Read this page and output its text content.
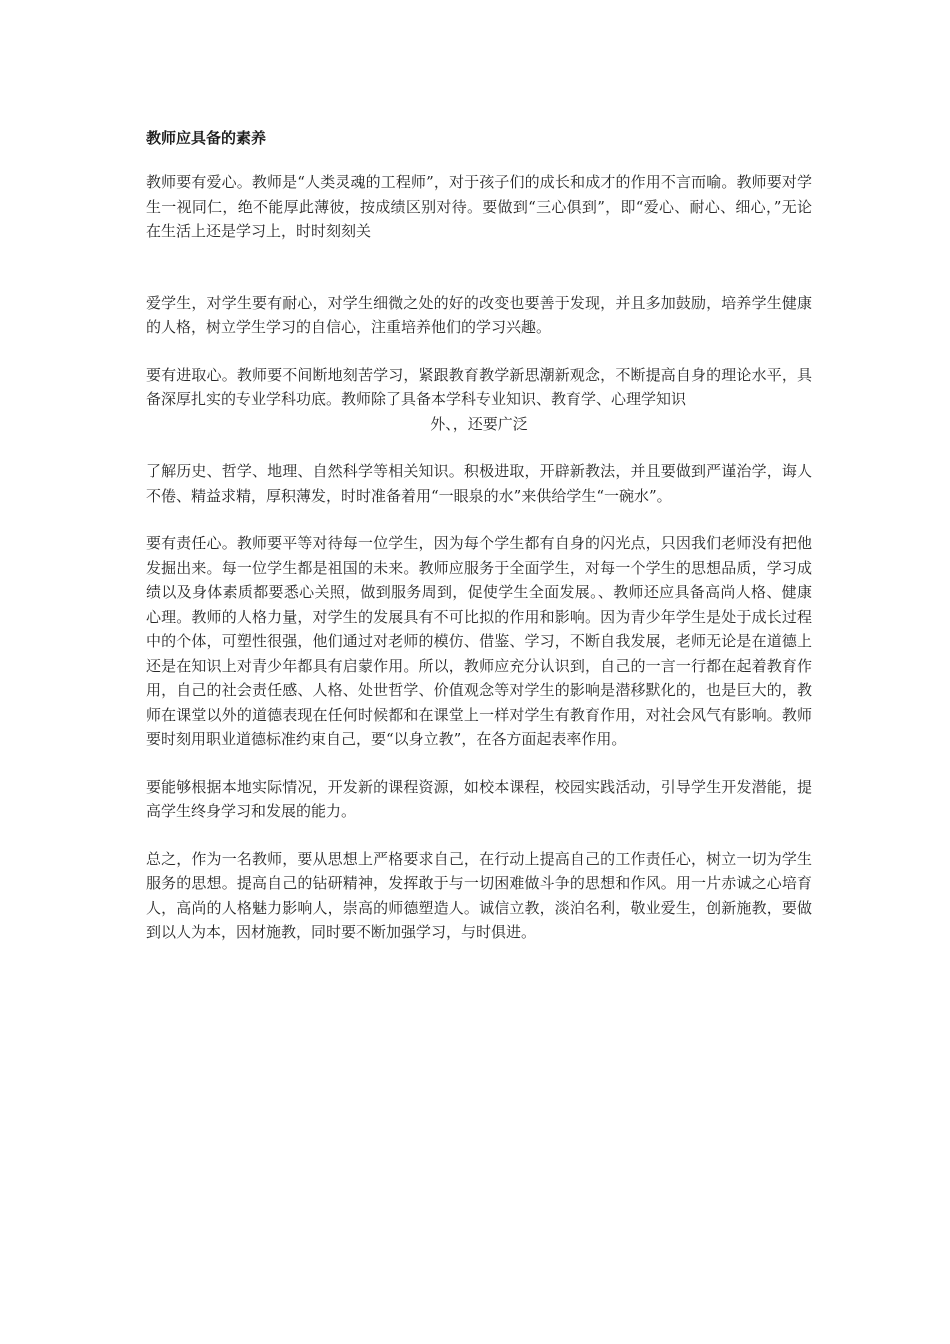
教师应具备的素养

教师要有爱心。教师是“人类灵魂的工程师”，对于孩子们的成长和成才的作用不言而喻。教师要对学生一视同仁，绝不能厚此薄彼，按成绩区别对待。要做到“三心俱到”，即“爱心、耐心、细心，”无论在生活上还是学习上，时时刻刻关

爱学生，对学生要有耐心，对学生细微之处的好的改变也要善于发现，并且多加鼓励，培养学生健康的人格，树立学生学习的自信心，注重培养他们的学习兴趣。

要有进取心。教师要不间断地刻苦学习，紧跟教育教学新思潮新观念，不断提高自身的理论水平，具备深厚扎实的专业学科功底。教师除了具备本学科专业知识、教育学、心理学知识

外、，还要广泛

了解历史、哲学、地理、自然科学等相关知识。积极进取，开辟新教法，并且要做到严谨治学，诲人不倦、精益求精，厚积薄发，时时准备着用“一眼泉的水”来供给学生“一碗水”。

要有责任心。教师要平等对待每一位学生，因为每个学生都有自身的闪光点，只因我们老师没有把他发掘出来。每一位学生都是祖国的未来。教师应服务于全面学生，对每一个学生的思想品质，学习成绩以及身体素质都要悉心关照，做到服务周到，促使学生全面发展。、教师还应具备高尚人格、健康心理。教师的人格力量，对学生的发展具有不可比拟的作用和影响。因为青少年学生是处于成长过程中的个体，可塑性很强，他们通过对老师的模仿、借鉴、学习，不断自我发展，老师无论是在道德上还是在知识上对青少年都具有启蒙作用。所以，教师应充分认识到，自己的一言一行都在起着教育作用，自己的社会责任感、人格、处世哲学、价值观念等对学生的影响是潜移默化的，也是巨大的，教师在课堂以外的道德表现在任何时候都和在课堂上一样对学生有教育作用，对社会风气有影响。教师要时刻用职业道德标准约束自己，要“以身立教”，在各方面起表率作用。

要能够根据本地实际情况，开发新的课程资源，如校本课程，校园实践活动，引导学生开发潜能，提高学生终身学习和发展的能力。

总之，作为一名教师，要从思想上严格要求自己，在行动上提高自己的工作责任心，树立一切为学生服务的思想。提高自己的钻研精神，发挥敢于与一切困难做斗争的思想和作风。用一片赤诚之心培育人，高尚的人格魅力影响人，崇高的师德塑造人。诚信立教，淡泊名利，敬业爱生，创新施教，要做到以人为本，因材施教，同时要不断加强学习，与时俱进。
